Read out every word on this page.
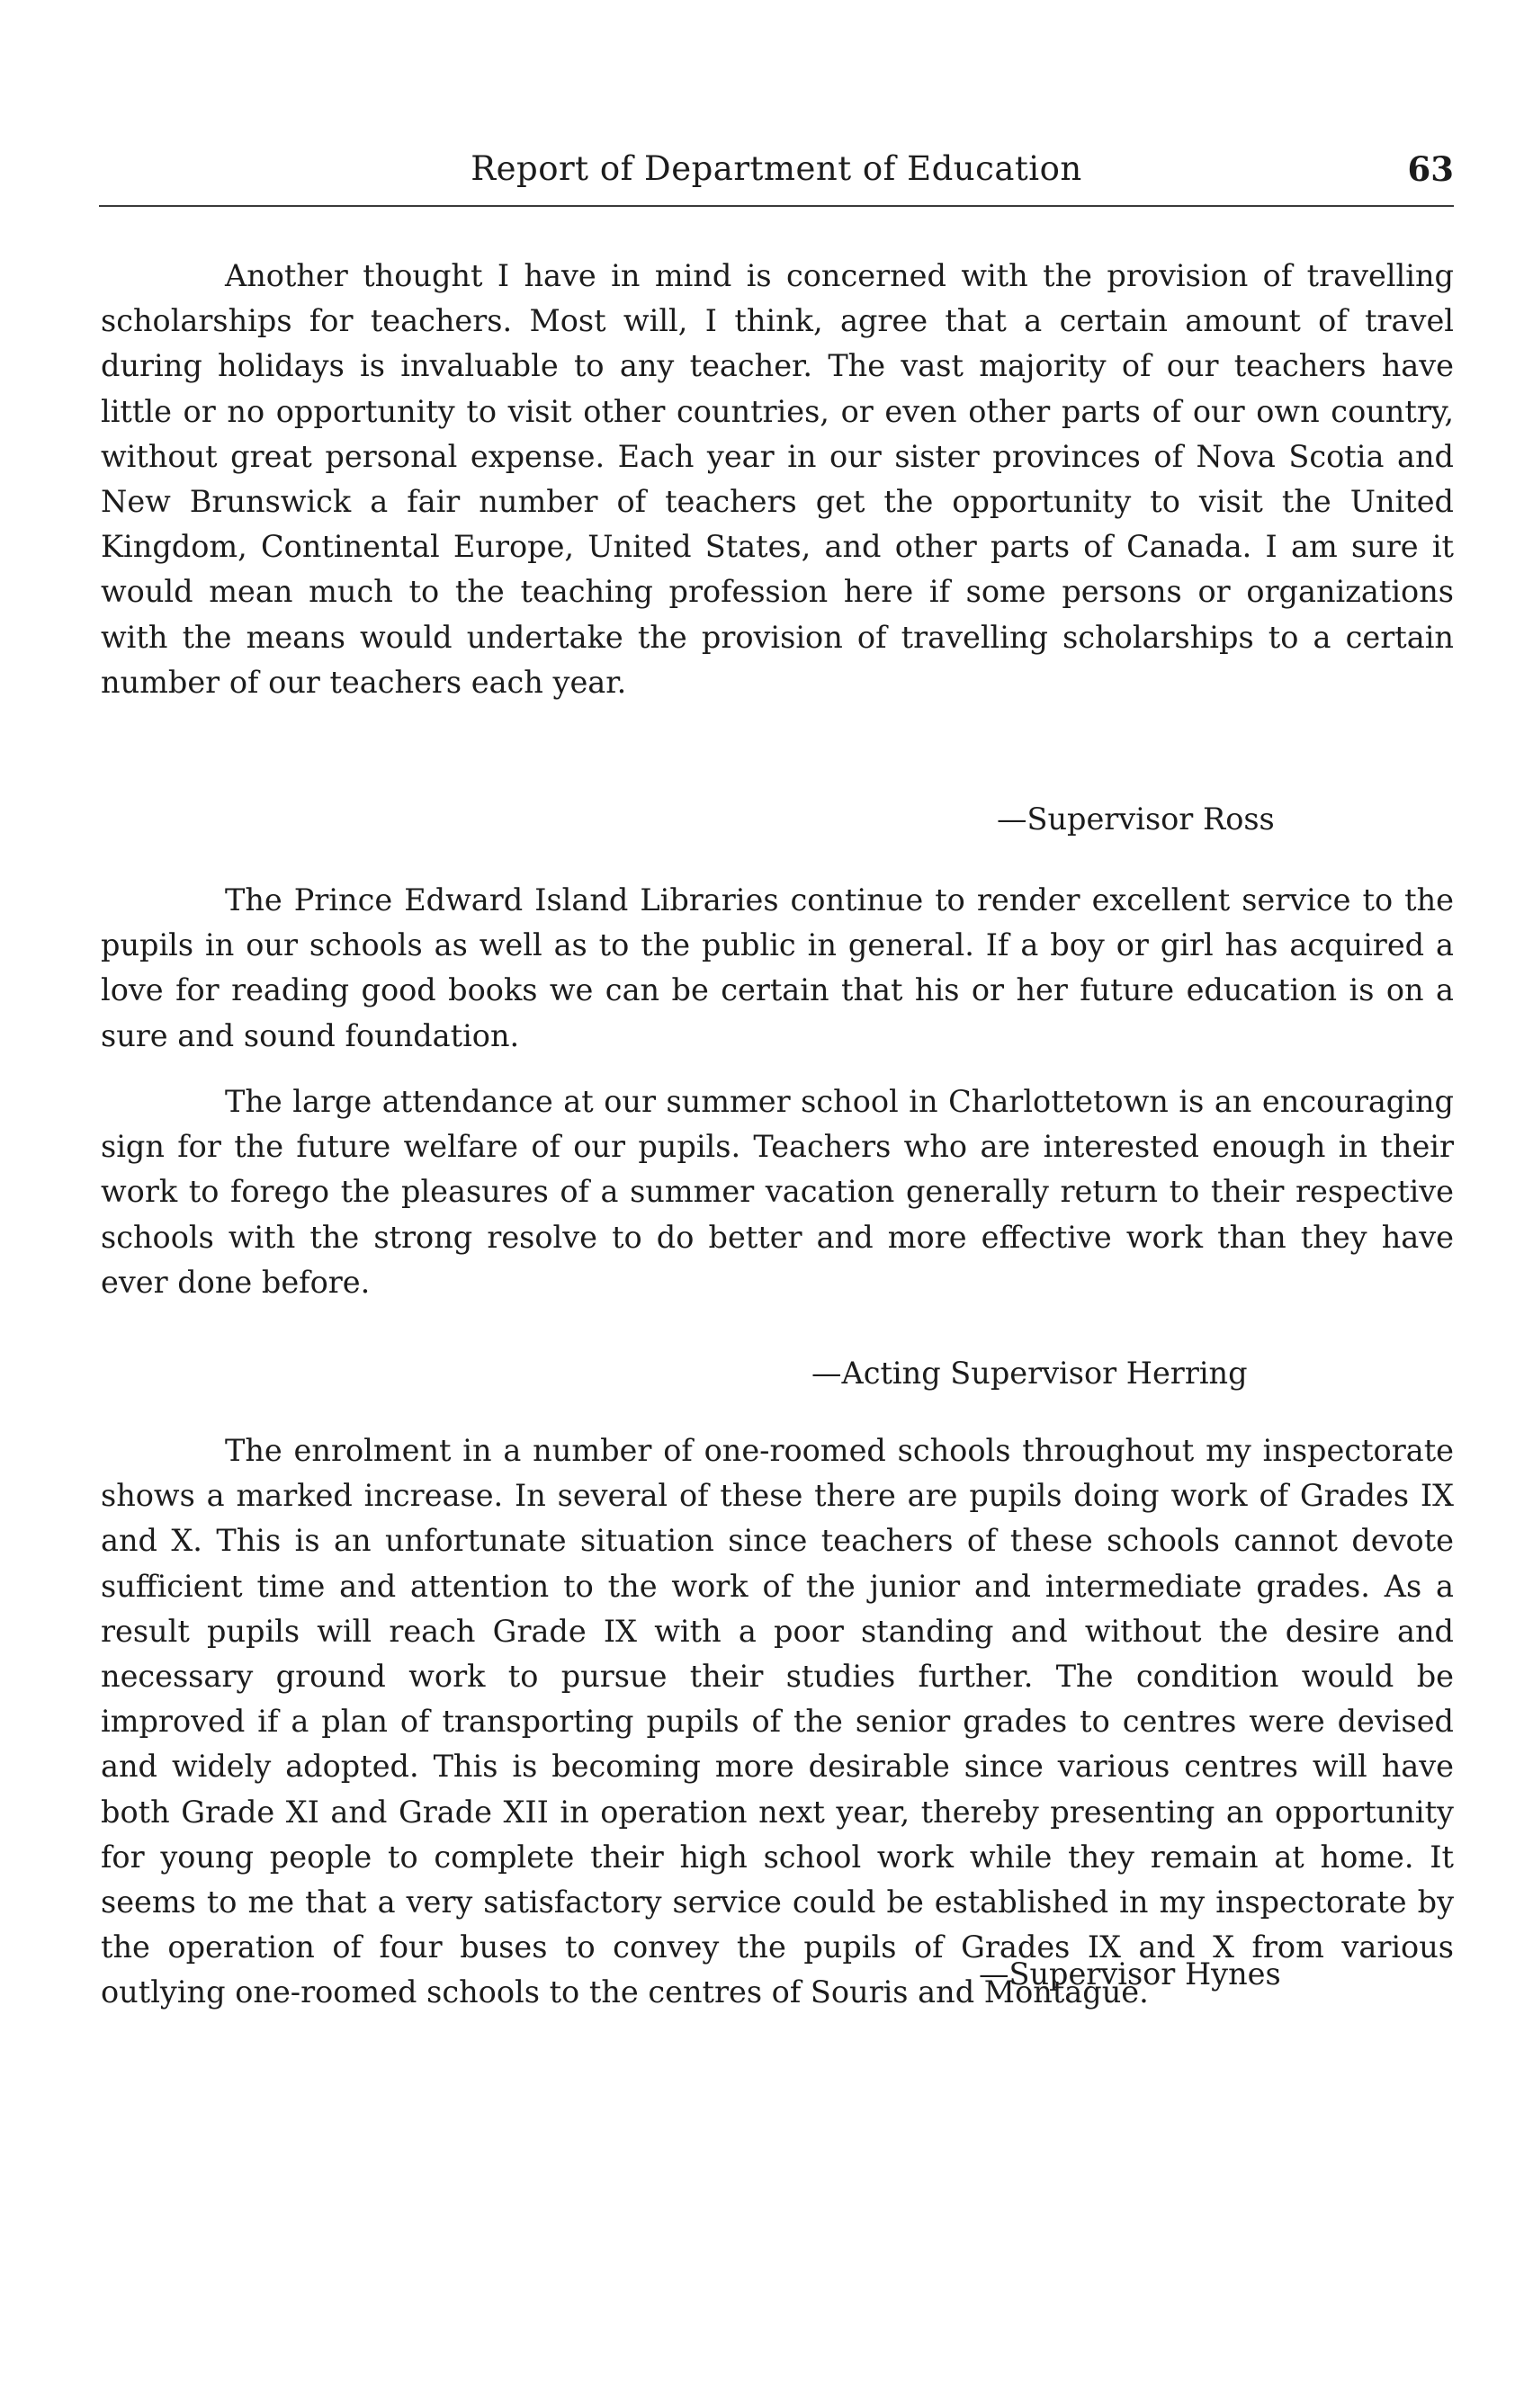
Report of Department of Education	63

Another thought I have in mind is concerned with the provision of travelling scholarships for teachers. Most will, I think, agree that a certain amount of travel during holidays is invaluable to any teacher. The vast majority of our teachers have little or no opportunity to visit other countries, or even other parts of our own country, without great personal expense. Each year in our sister provinces of Nova Scotia and New Brunswick a fair number of teachers get the opportunity to visit the United Kingdom, Continental Europe, United States, and other parts of Canada. I am sure it would mean much to the teaching profession here if some persons or organizations with the means would undertake the provision of travelling scholarships to a certain number of our teachers each year.

—Supervisor Ross

The Prince Edward Island Libraries continue to render excellent service to the pupils in our schools as well as to the public in general. If a boy or girl has acquired a love for reading good books we can be certain that his or her future education is on a sure and sound foundation.

The large attendance at our summer school in Charlottetown is an encouraging sign for the future welfare of our pupils. Teachers who are interested enough in their work to forego the pleasures of a summer vacation generally return to their respective schools with the strong resolve to do better and more effective work than they have ever done before.

—Acting Supervisor Herring

The enrolment in a number of one-roomed schools throughout my inspectorate shows a marked increase. In several of these there are pupils doing work of Grades IX and X. This is an unfortunate situation since teachers of these schools cannot devote sufficient time and attention to the work of the junior and intermediate grades. As a result pupils will reach Grade IX with a poor standing and without the desire and necessary ground work to pursue their studies further. The condition would be improved if a plan of transporting pupils of the senior grades to centres were devised and widely adopted. This is becoming more desirable since various centres will have both Grade XI and Grade XII in operation next year, thereby presenting an opportunity for young people to complete their high school work while they remain at home. It seems to me that a very satisfactory service could be established in my inspectorate by the operation of four buses to convey the pupils of Grades IX and X from various outlying one-roomed schools to the centres of Souris and Montague.

—Supervisor Hynes
